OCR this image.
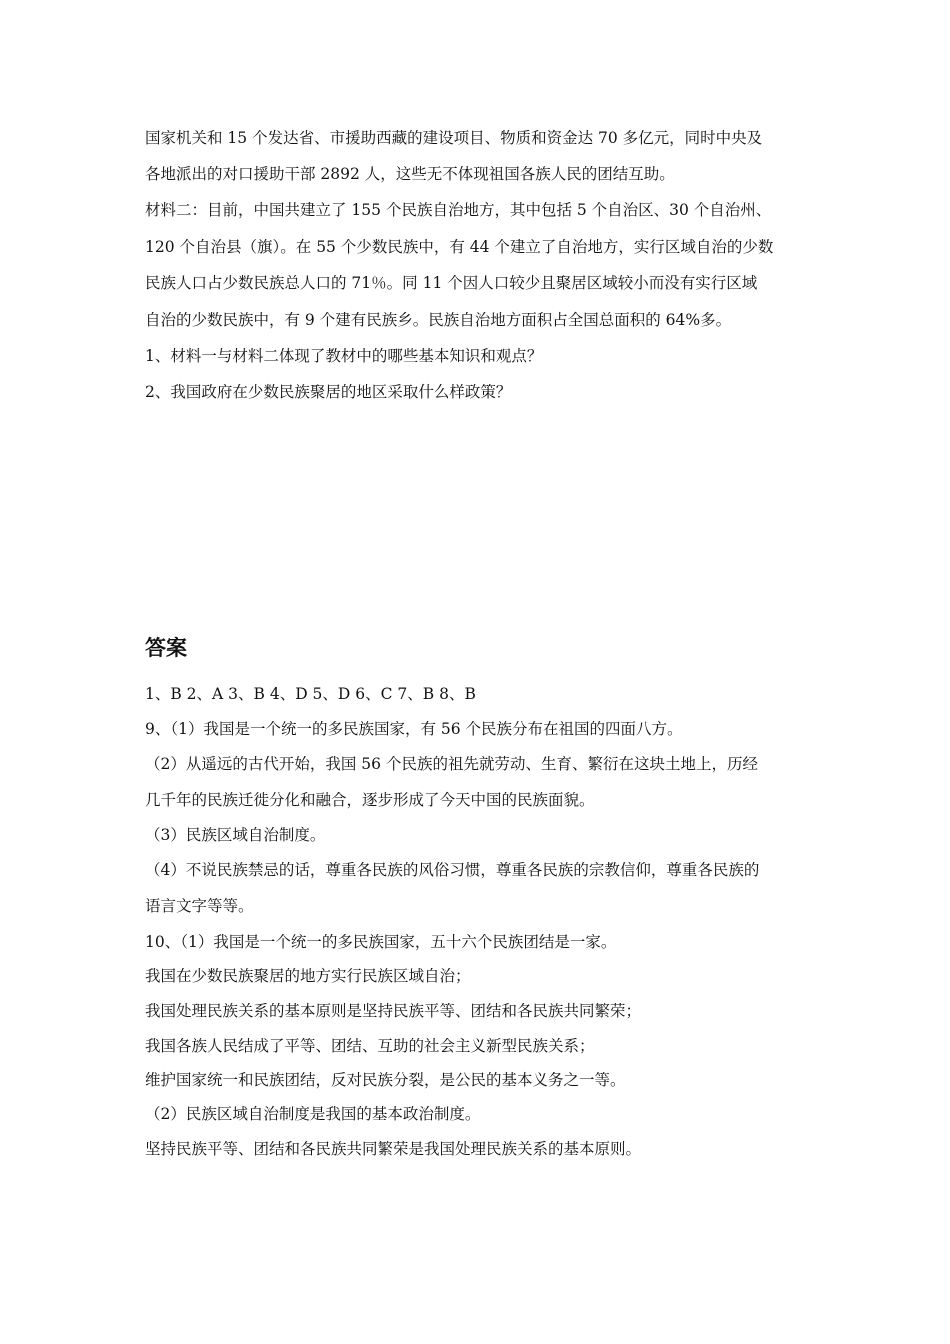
国家机关和 15 个发达省、市援助西藏的建设项目、物质和资金达 70 多亿元，同时中央及
各地派出的对口援助干部 2892 人，这些无不体现祖国各族人民的团结互助。
材料二：目前，中国共建立了 155 个民族自治地方，其中包括 5 个自治区、30 个自治州、
120 个自治县（旗）。在 55 个少数民族中，有 44 个建立了自治地方，实行区域自治的少数
民族人口占少数民族总人口的 71％。同 11 个因人口较少且聚居区域较小而没有实行区域
自治的少数民族中，有 9 个建有民族乡。民族自治地方面积占全国总面积的 64%多。
1、材料一与材料二体现了教材中的哪些基本知识和观点？
2、我国政府在少数民族聚居的地区采取什么样政策？
答案
1、B 2、A 3、B 4、D 5、D 6、C 7、B 8、B
9、（1）我国是一个统一的多民族国家，有 56 个民族分布在祖国的四面八方。
（2）从遥远的古代开始，我国 56 个民族的祖先就劳动、生育、繁衍在这块土地上，历经
几千年的民族迁徙分化和融合，逐步形成了今天中国的民族面貌。
（3）民族区域自治制度。
（4）不说民族禁忌的话，尊重各民族的风俗习惯，尊重各民族的宗教信仰，尊重各民族的
语言文字等等。
10、（1）我国是一个统一的多民族国家，五十六个民族团结是一家。
我国在少数民族聚居的地方实行民族区域自治；
我国处理民族关系的基本原则是坚持民族平等、团结和各民族共同繁荣；
我国各族人民结成了平等、团结、互助的社会主义新型民族关系；
维护国家统一和民族团结，反对民族分裂，是公民的基本义务之一等。
（2）民族区域自治制度是我国的基本政治制度。
坚持民族平等、团结和各民族共同繁荣是我国处理民族关系的基本原则。
